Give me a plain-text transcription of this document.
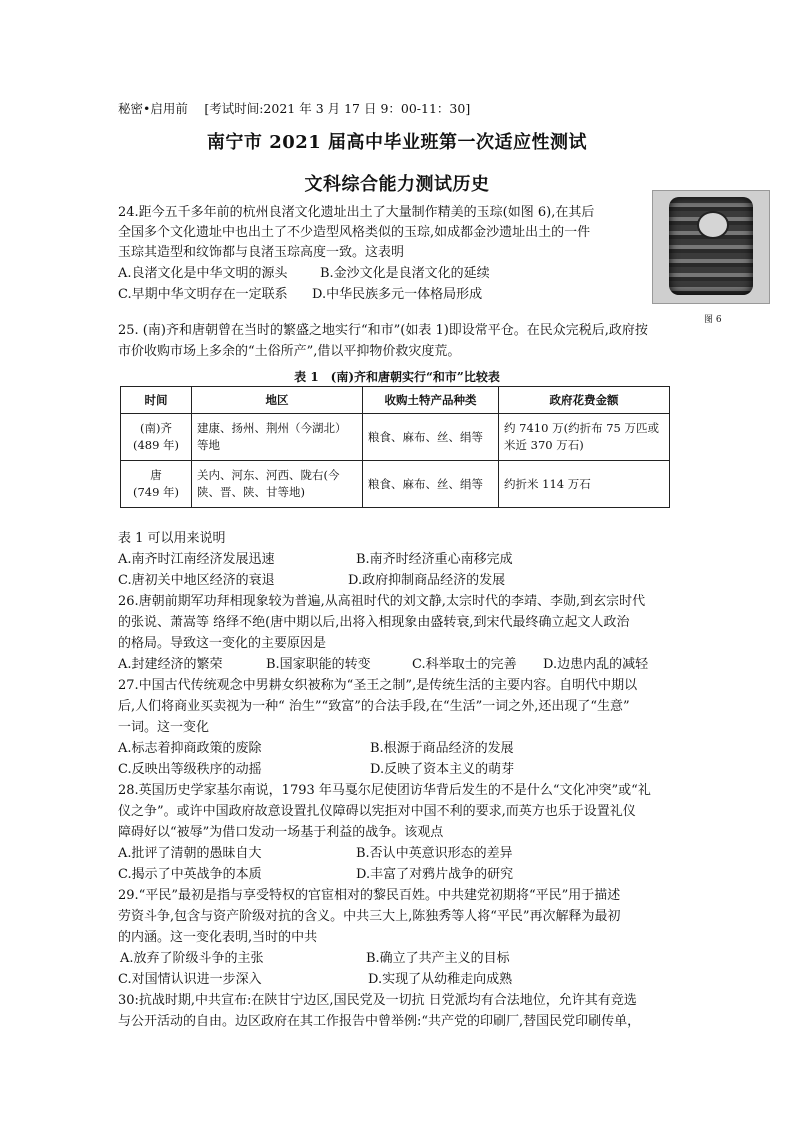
秘密•启用前　 [考试时间:2021 年 3 月 17 日 9：00-11：30]
南宁市 2021 届高中毕业班第一次适应性测试
文科综合能力测试历史
图 6
24.距今五千多年前的杭州良渚文化遗址出土了大量制作精美的玉琮(如图 6),在其后
全国多个文化遗址中也出土了不少造型风格类似的玉琮,如成都金沙遗址出土的一件
玉琮其造型和纹饰都与良渚玉琮高度一致。这表明
A.良渚文化是中华文明的源头 B.金沙文化是良渚文化的延续
C.早期中华文明存在一定联系 D.中华民族多元一体格局形成
25. (南)齐和唐朝曾在当时的繁盛之地实行“和市”(如表 1)即设常平仓。在民众完税后,政府按
市价收购市场上多余的“土俗所产”,借以平抑物价救灾度荒。
表 1　(南)齐和唐朝实行“和市”比较表
时间	地区	收购土特产品种类	政府花费金额
(南)齐
(489 年)	建康、扬州、荆州（今湖北）等地	粮食、麻布、丝、绢等	约 7410 万(约折布 75 万匹或米近 370 万石)
唐
(749 年)	关内、河东、河西、陇右(今陕、晋、陕、甘等地)	粮食、麻布、丝、绢等	约折米 114 万石
表 1 可以用来说明
A.南齐时江南经济发展迅速	B.南齐时经济重心南移完成
C.唐初关中地区经济的衰退	D.政府抑制商品经济的发展
26.唐朝前期军功拜相现象较为普遍,从高祖时代的刘文静,太宗时代的李靖、李勋,到玄宗时代
的张说、萧嵩等 络绎不绝(唐中期以后,出将入相现象由盛转衰,到宋代最终确立起文人政治
的格局。导致这一变化的主要原因是
A.封建经济的繁荣	B.国家职能的转变	C.科举取士的完善 D.边患内乱的减轻
27.中国古代传统观念中男耕女织被称为“圣王之制”,是传统生活的主要内容。自明代中期以
后,人们将商业买卖视为一种“ 治生”“致富”的合法手段,在“生活”一词之外,还出现了“生意”
一词。这一变化
A.标志着抑商政策的废除	B.根源于商品经济的发展
C.反映出等级秩序的动摇	D.反映了资本主义的萌芽
28.英国历史学家基尔南说，1793 年马戛尔尼使团访华背后发生的不是什么“文化冲突”或“礼
仪之争”。或许中国政府故意设置扎仪障碍以宪拒对中国不利的要求,而英方也乐于设置礼仪
障碍好以“被辱”为借口发动一场基于利益的战争。该观点
A.批评了清朝的愚昧自大	B.否认中英意识形态的差异
C.揭示了中英战争的本质	D.丰富了对鸦片战争的研究
29.“平民”最初是指与享受特权的官宦相对的黎民百姓。中共建党初期将“平民”用于描述
劳资斗争,包含与资产阶级对抗的含义。中共三大上,陈独秀等人将“平民”再次解释为最初
的内涵。这一变化表明,当时的中共
A.放弃了阶级斗争的主张	B.确立了共产主义的目标
C.对国情认识进一步深入	D.实现了从幼稚走向成熟
30:抗战时期,中共宣布:在陕甘宁边区,国民党及一切抗 日党派均有合法地位，允许其有竞选
与公开活动的自由。边区政府在其工作报告中曾举例:“共产党的印刷厂,替国民党印刷传单，
